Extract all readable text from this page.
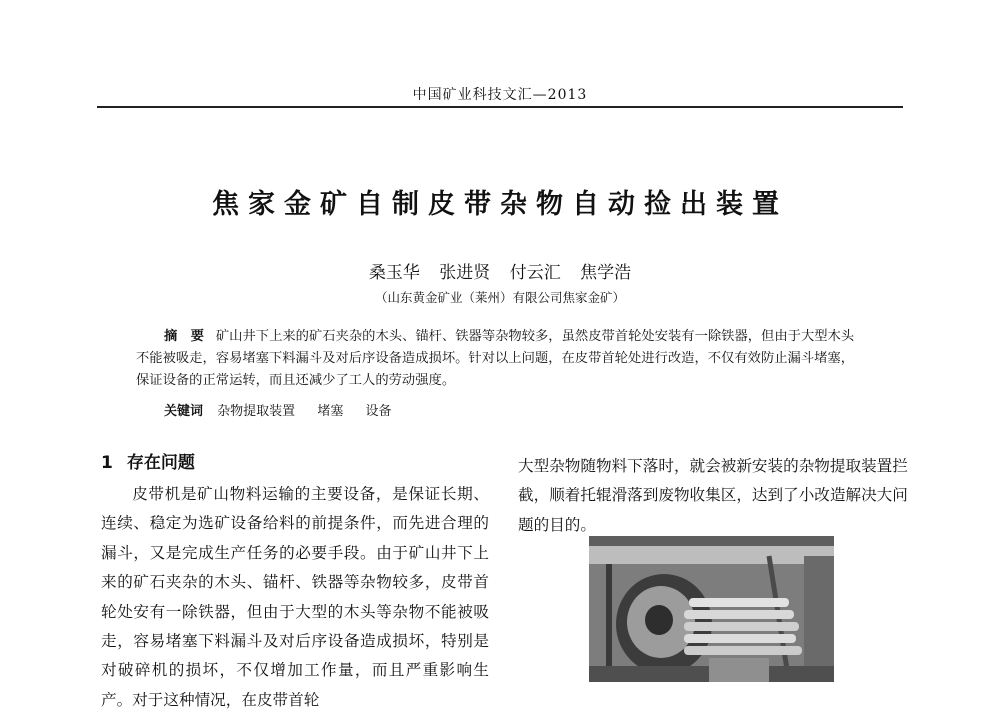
中国矿业科技文汇—2013
焦家金矿自制皮带杂物自动捡出装置
桑玉华 张进贤 付云汇 焦学浩
（山东黄金矿业（莱州）有限公司焦家金矿）
摘　要 矿山井下上来的矿石夹杂的木头、锚杆、铁器等杂物较多，虽然皮带首轮处安装有一除铁器，但由于大型木头不能被吸走，容易堵塞下料漏斗及对后序设备造成损坏。针对以上问题，在皮带首轮处进行改造，不仅有效防止漏斗堵塞，保证设备的正常运转，而且还减少了工人的劳动强度。
关键词 杂物提取装置 堵塞 设备
1 存在问题

皮带机是矿山物料运输的主要设备，是保证长期、连续、稳定为选矿设备给料的前提条件，而先进合理的漏斗，又是完成生产任务的必要手段。由于矿山井下上来的矿石夹杂的木头、锚杆、铁器等杂物较多，皮带首轮处安有一除铁器，但由于大型的木头等杂物不能被吸走，容易堵塞下料漏斗及对后序设备造成损坏，特别是对破碎机的损坏，不仅增加工作量，而且严重影响生产。对于这种情况，在皮带首轮

大型杂物随物料下落时，就会被新安装的杂物提取装置拦截，顺着托辊滑落到废物收集区，达到了小改造解决大问题的目的。
